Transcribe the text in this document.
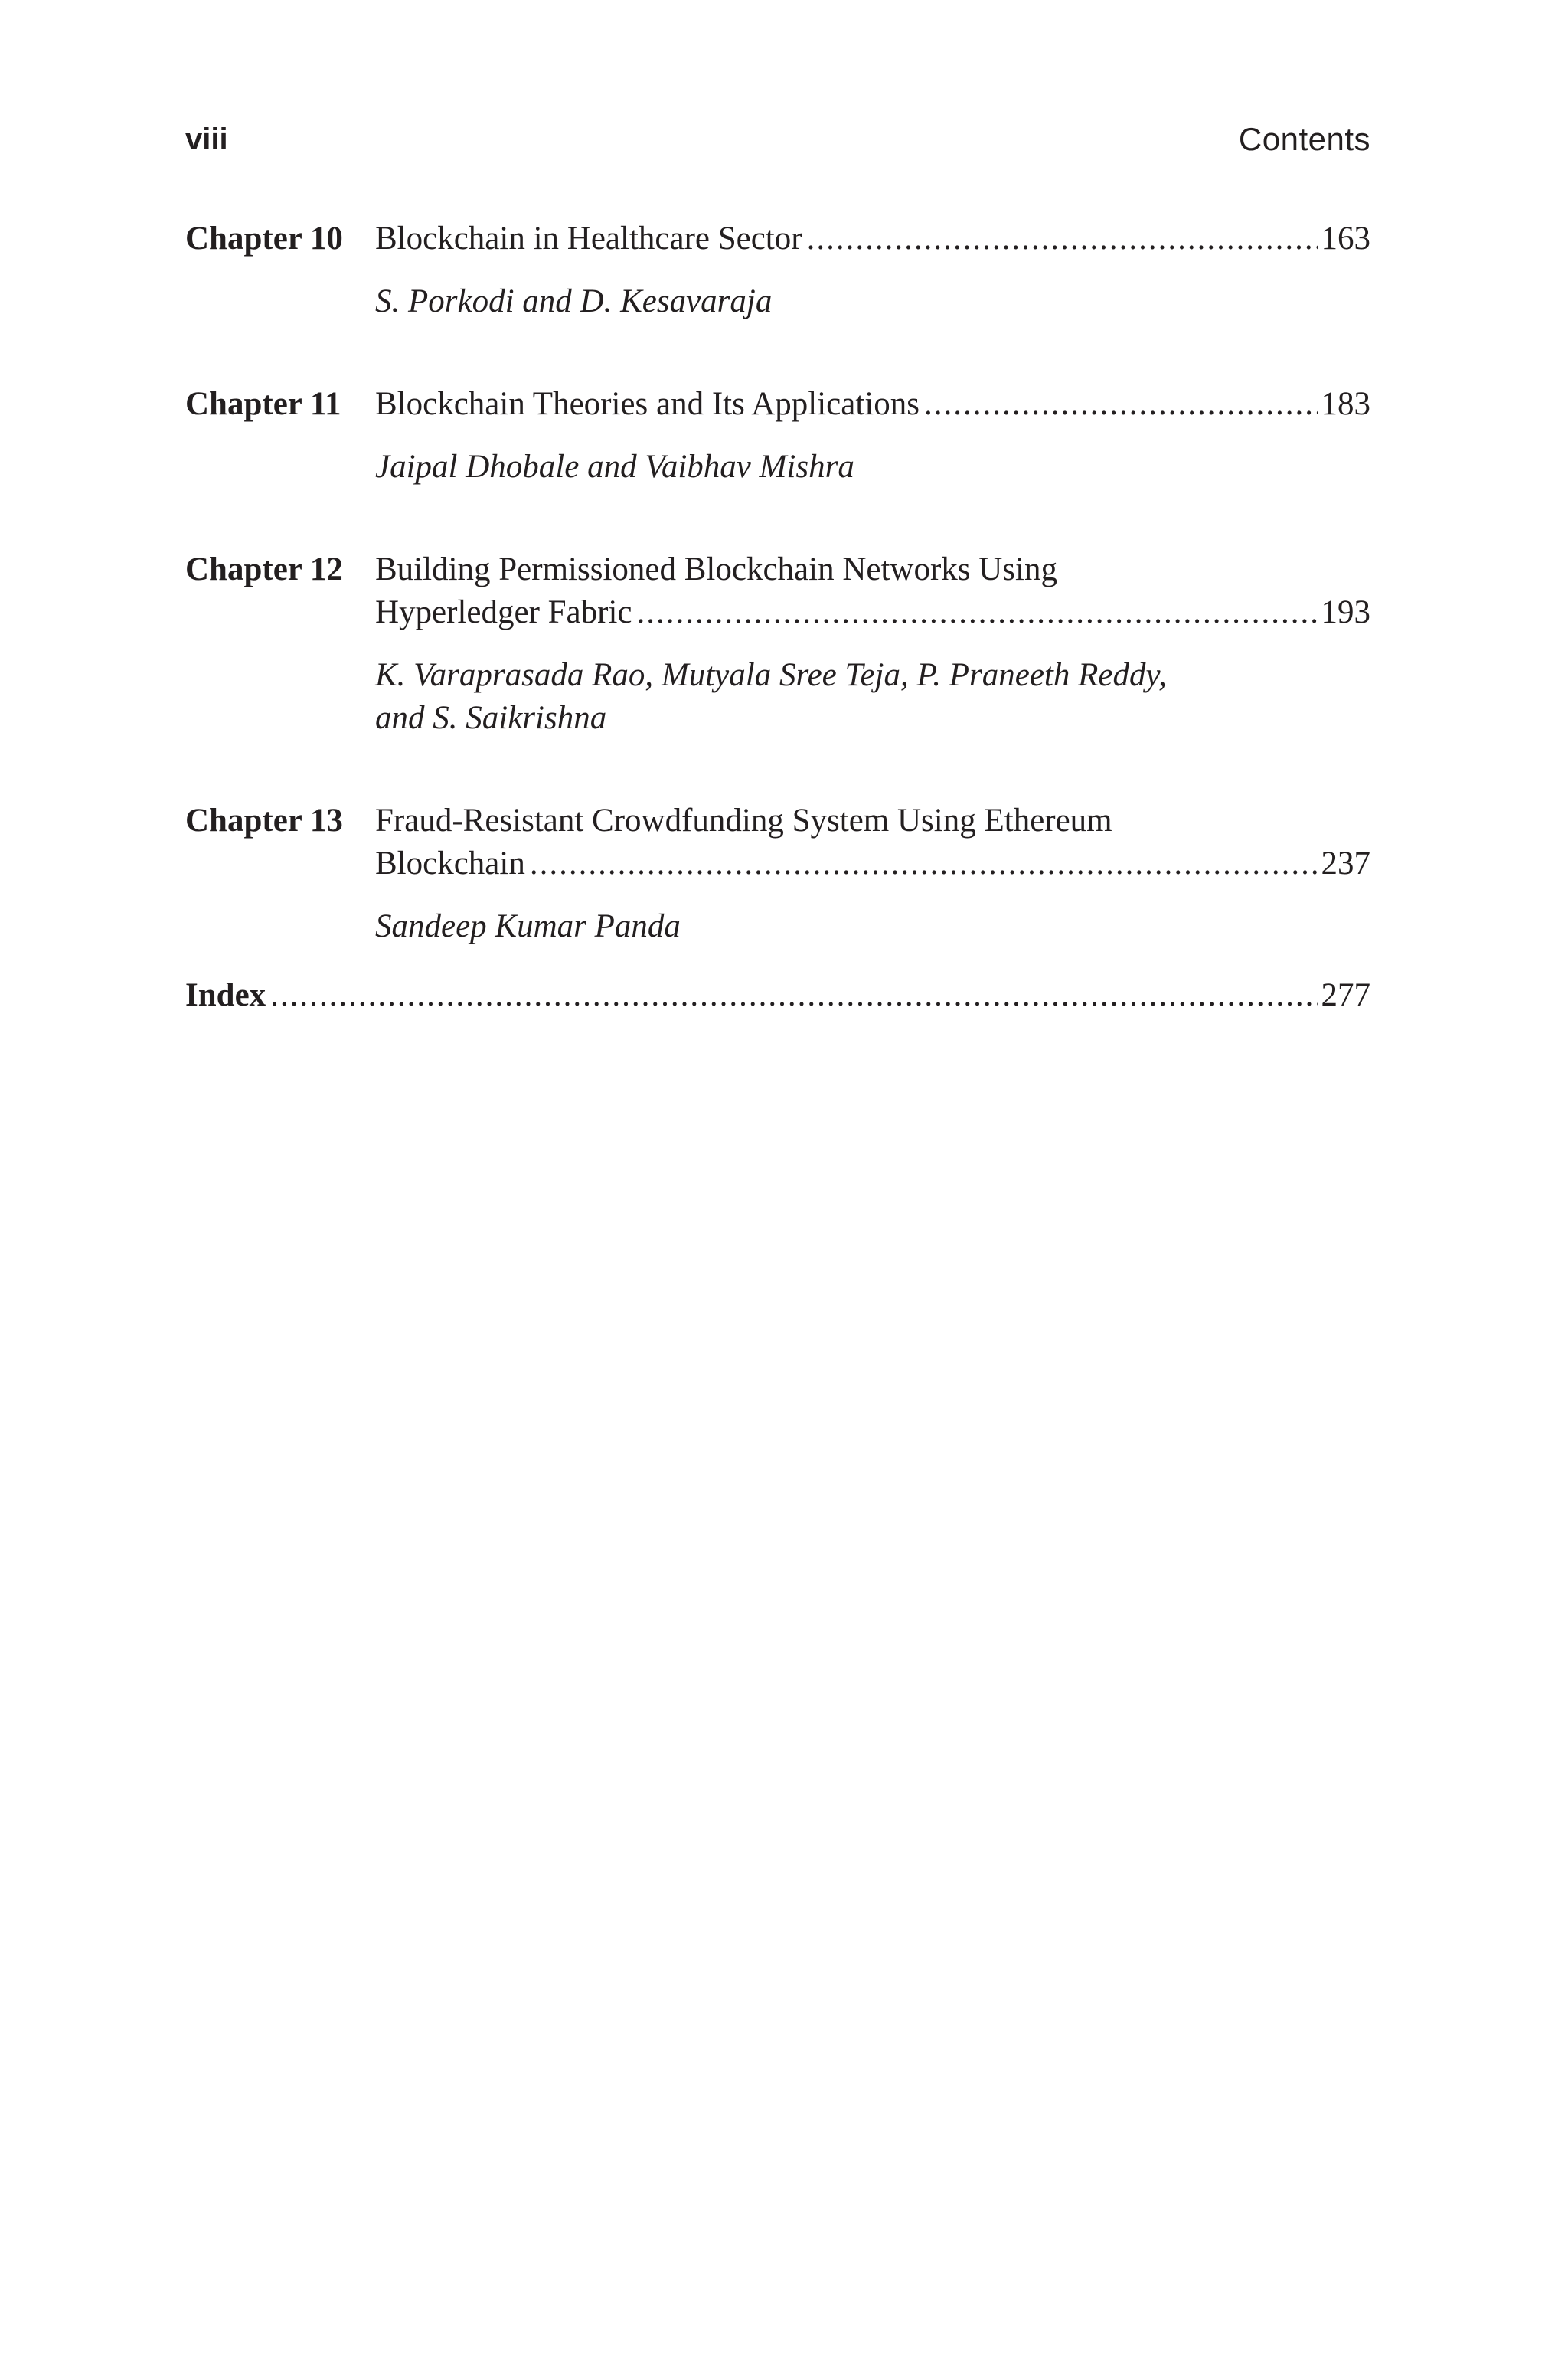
viii	Contents
Chapter 10 Blockchain in Healthcare Sector .....	163
S. Porkodi and D. Kesavaraja
Chapter 11 Blockchain Theories and Its Applications .....	183
Jaipal Dhobale and Vaibhav Mishra
Chapter 12 Building Permissioned Blockchain Networks Using
Hyperledger Fabric .....	193
K. Varaprasada Rao, Mutyala Sree Teja, P. Praneeth Reddy,
and S. Saikrishna
Chapter 13 Fraud-Resistant Crowdfunding System Using Ethereum
Blockchain .....	237
Sandeep Kumar Panda
Index .....	277
